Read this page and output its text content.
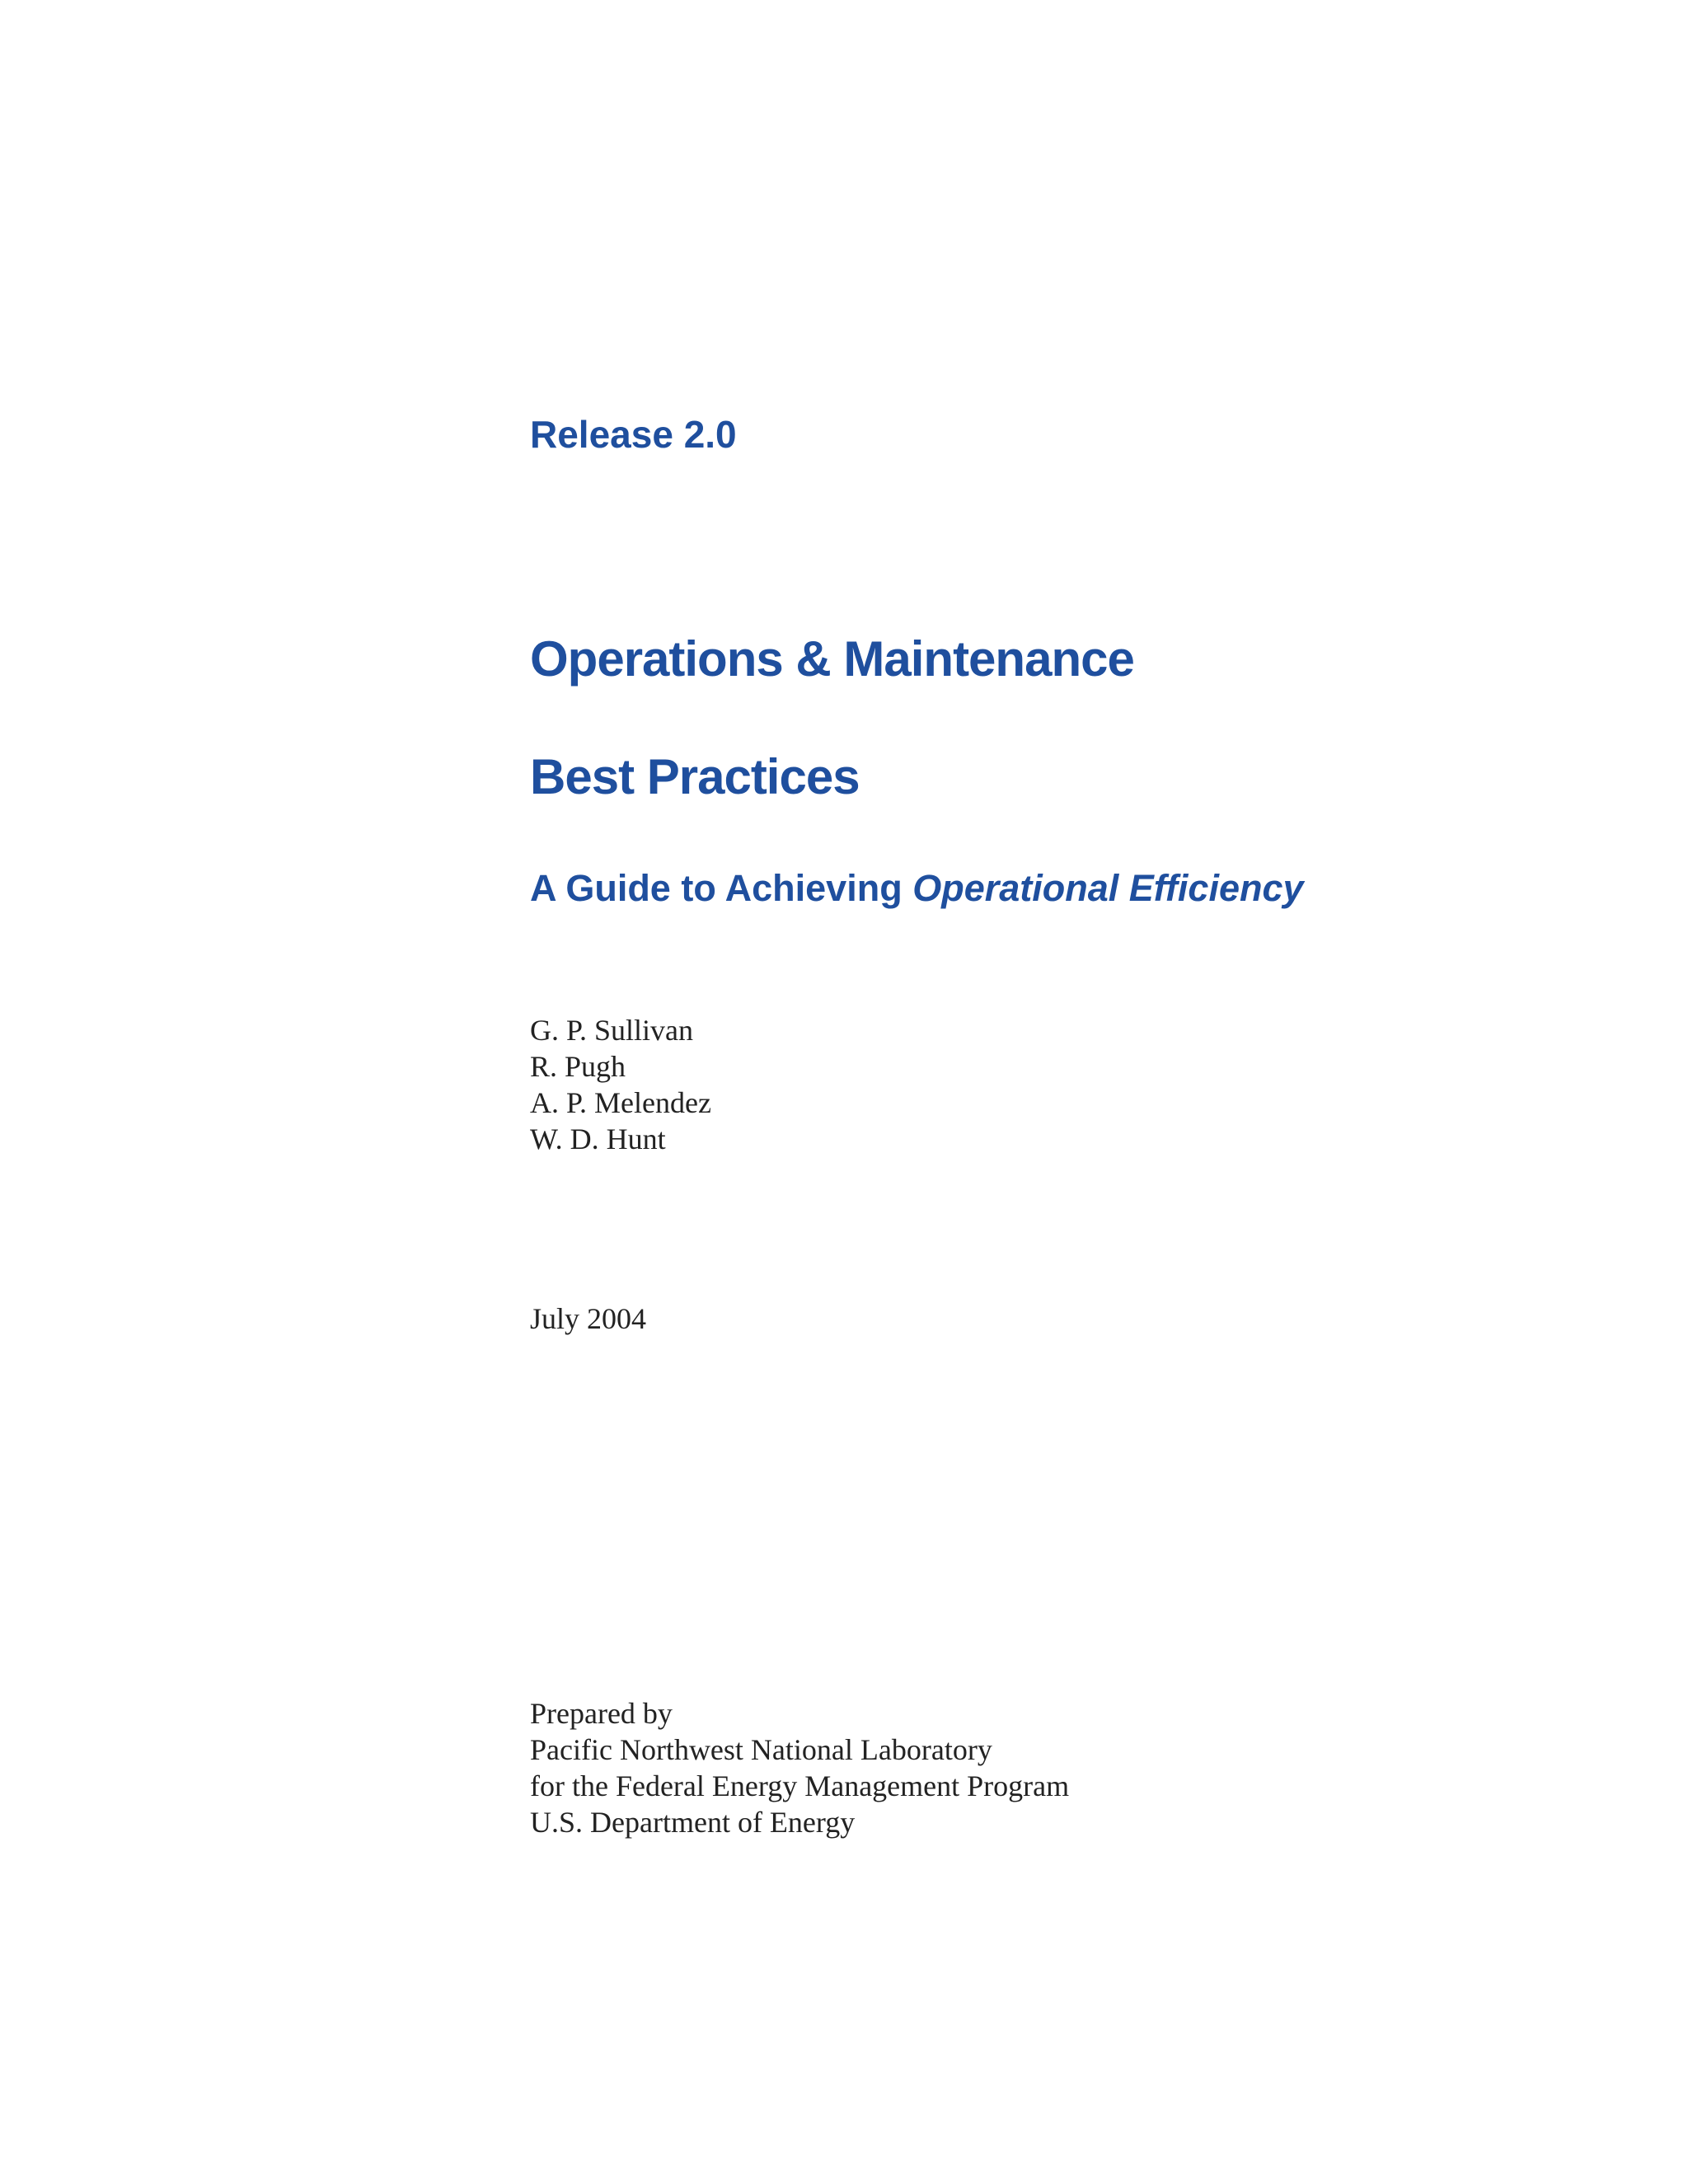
Release 2.0
Operations & Maintenance
Best Practices
A Guide to Achieving Operational Efficiency
G. P. Sullivan
R. Pugh
A. P. Melendez
W. D. Hunt
July 2004
Prepared by
Pacific Northwest National Laboratory
for the Federal Energy Management Program
U.S. Department of Energy
